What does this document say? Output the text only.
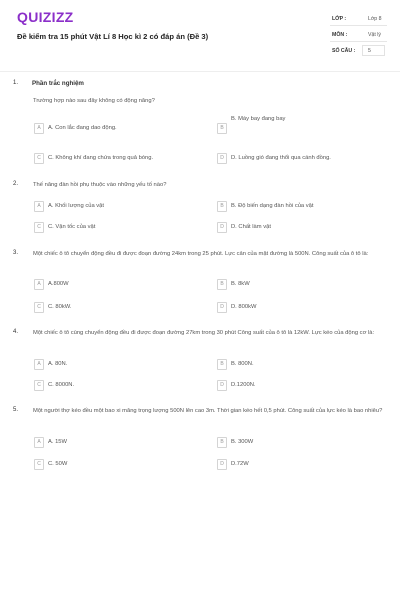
QUIZIZZ
Đề kiểm tra 15 phút Vật Lí 8 Học kì 2 có đáp án (Đề 3)
LỚP :	Lớp 8
MÔN :	Vật lý
SỐ CÂU : 5
1. Phần trắc nghiệm
Trường hợp nào sau đây không có động năng?
A	A. Con lắc đang dao động.	B
B. Máy bay đang bay
C	C. Không khí đang chứa trong quả bóng.	D	D. Luồng gió đang thổi qua cánh đồng.
2.	Thế năng đàn hồi phụ thuộc vào những yếu tố nào?
A	A. Khối lượng của vật	B	B. Độ biến dạng đàn hồi của vật
C	C. Vận tốc của vật	D	D. Chất làm vật
3.	Một chiếc ô tô chuyển động đều đi được đoạn đường 24km trong 25 phút. Lực cản của mặt đường là 500N. Công suất của ô tô là:
A	A.800W	B	B. 8kW
C	C. 80kW.	D	D. 800kW
4.	Một chiếc ô tô cùng chuyển động đều đi được đoạn đường 27km trong 30 phút Công suất của ô tô là 12kW. Lực kéo của động cơ là:
A	A. 80N.	B	B. 800N.
C	C. 8000N.	D	D.1200N.
5.	Một người thợ kéo đều một bao xi măng trọng lượng 500N lên cao 3m. Thời gian kéo hết 0,5 phút. Công suất của lực kéo là bao nhiêu?
A	A. 15W	B	B. 300W
C	C. 50W	D	D.72W
